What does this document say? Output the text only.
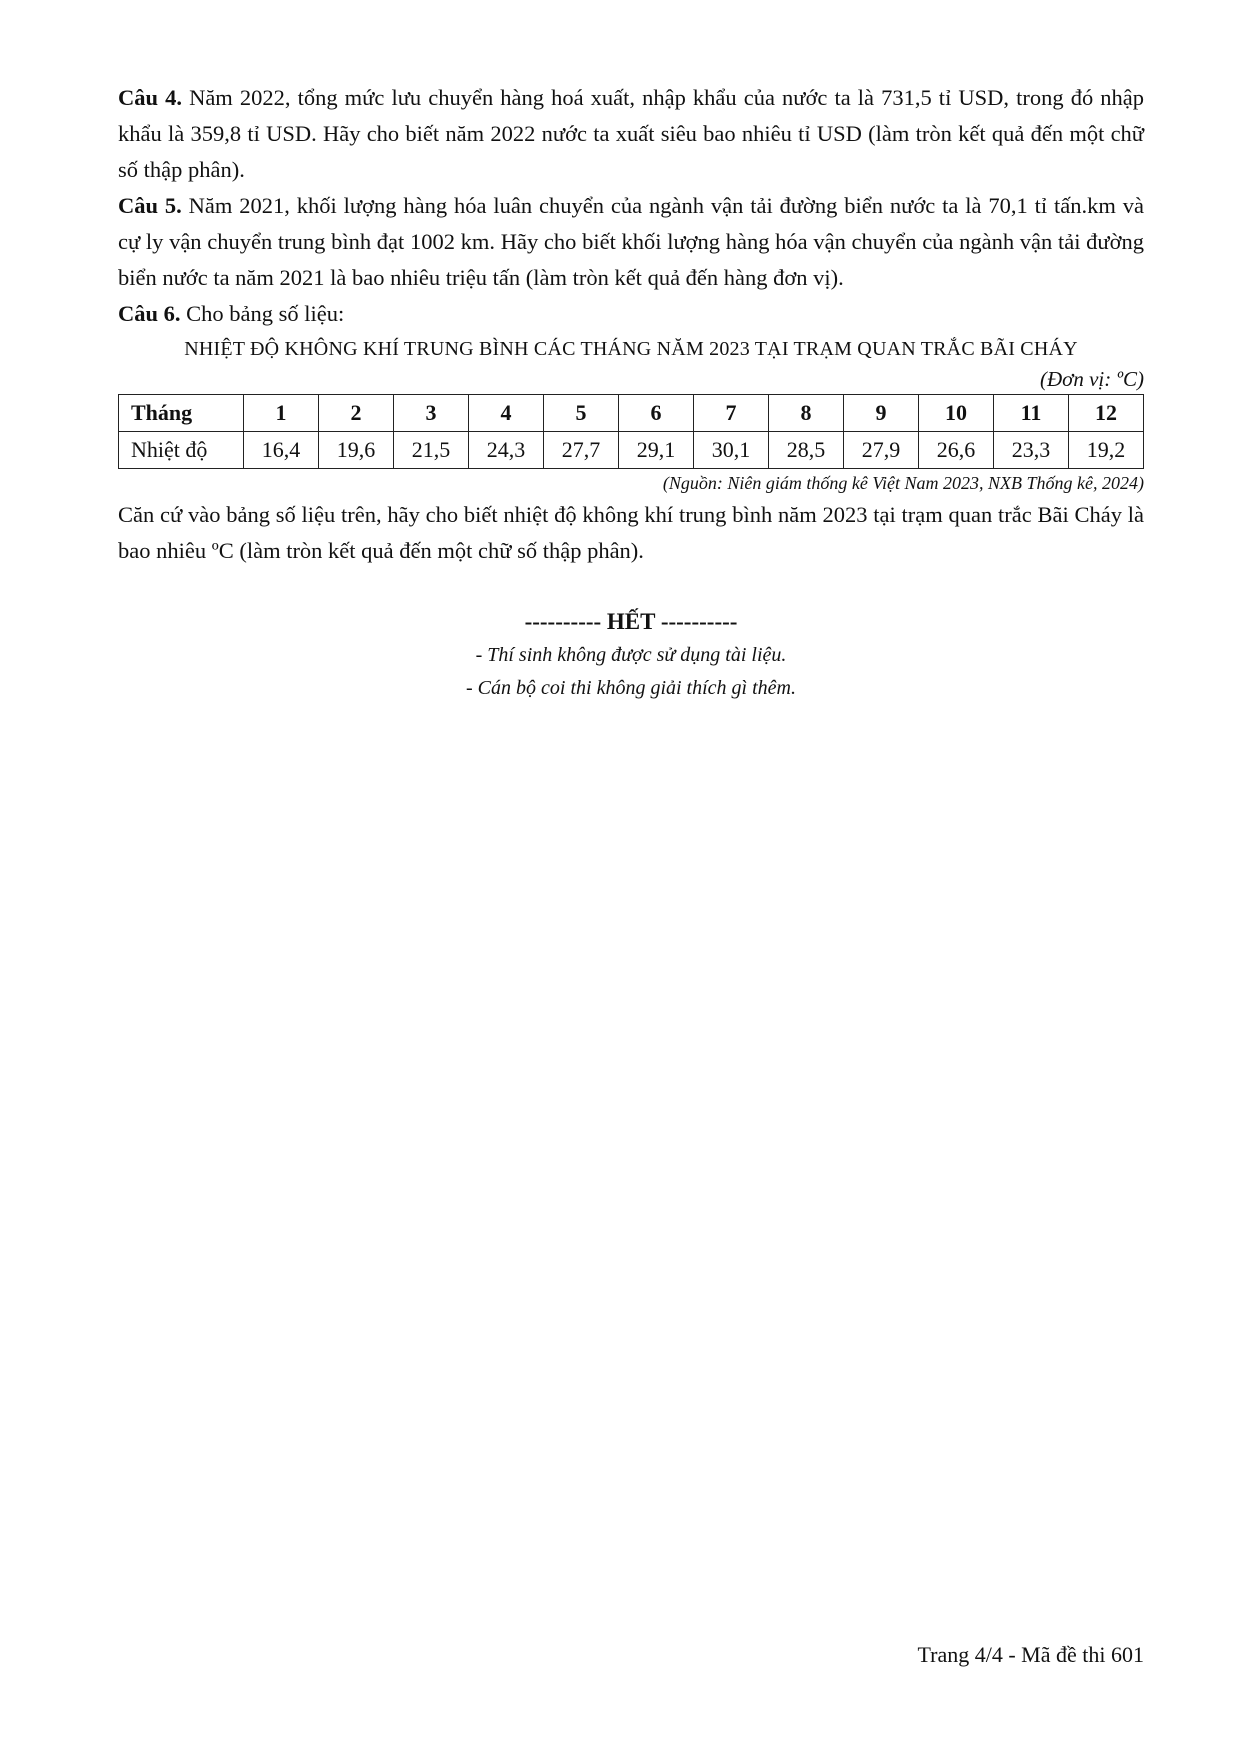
Câu 4. Năm 2022, tổng mức lưu chuyển hàng hoá xuất, nhập khẩu của nước ta là 731,5 tỉ USD, trong đó nhập khẩu là 359,8 tỉ USD. Hãy cho biết năm 2022 nước ta xuất siêu bao nhiêu tỉ USD (làm tròn kết quả đến một chữ số thập phân).

Câu 5. Năm 2021, khối lượng hàng hóa luân chuyển của ngành vận tải đường biển nước ta là 70,1 tỉ tấn.km và cự ly vận chuyển trung bình đạt 1002 km. Hãy cho biết khối lượng hàng hóa vận chuyển của ngành vận tải đường biển nước ta năm 2021 là bao nhiêu triệu tấn (làm tròn kết quả đến hàng đơn vị).

Câu 6. Cho bảng số liệu:

NHIỆT ĐỘ KHÔNG KHÍ TRUNG BÌNH CÁC THÁNG NĂM 2023 TẠI TRẠM QUAN TRẮC BÃI CHÁY
(Đơn vị: ºC)
Tháng	1	2	3	4	5	6	7	8	9	10	11	12
Nhiệt độ	16,4	19,6	21,5	24,3	27,7	29,1	30,1	28,5	27,9	26,6	23,3	19,2
(Nguồn: Niên giám thống kê Việt Nam 2023, NXB Thống kê, 2024)

Căn cứ vào bảng số liệu trên, hãy cho biết nhiệt độ không khí trung bình năm 2023 tại trạm quan trắc Bãi Cháy là bao nhiêu ºC (làm tròn kết quả đến một chữ số thập phân).

---------- HẾT ----------
- Thí sinh không được sử dụng tài liệu.
- Cán bộ coi thi không giải thích gì thêm.
Trang 4/4 - Mã đề thi 601
